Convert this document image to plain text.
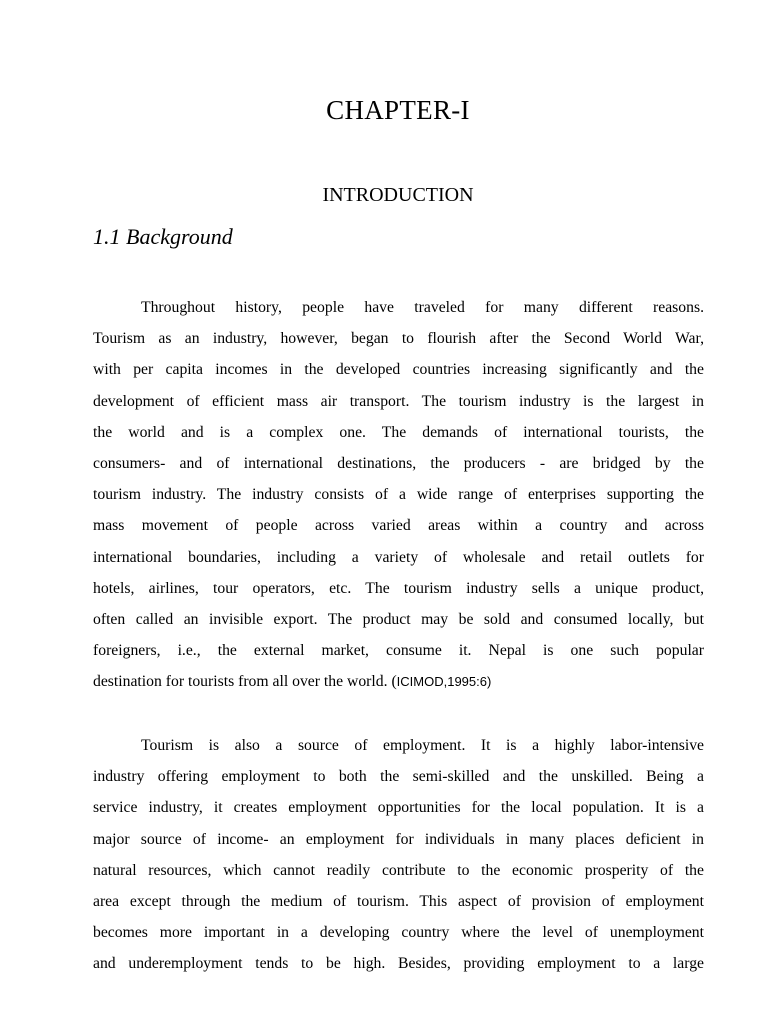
CHAPTER-I
INTRODUCTION
1.1 Background
Throughout history, people have traveled for many different reasons.
Tourism as an industry, however, began to flourish after the Second World War,
with per capita incomes in the developed countries increasing significantly and the
development of efficient mass air transport. The tourism industry is the largest in
the world and is a complex one. The demands of international tourists, the
consumers- and of international destinations, the producers - are bridged by the
tourism industry. The industry consists of a wide range of enterprises supporting the
mass movement of people across varied areas within a country and across
international boundaries, including a variety of wholesale and retail outlets for
hotels, airlines, tour operators, etc. The tourism industry sells a unique product,
often called an invisible export. The product may be sold and consumed locally, but
foreigners, i.e., the external market, consume it. Nepal is one such popular
destination for tourists from all over the world. (ICIMOD,1995:6)
Tourism is also a source of employment. It is a highly labor-intensive
industry offering employment to both the semi-skilled and the unskilled. Being a
service industry, it creates employment opportunities for the local population. It is a
major source of income- an employment for individuals in many places deficient in
natural resources, which cannot readily contribute to the economic prosperity of the
area except through the medium of tourism. This aspect of provision of employment
becomes more important in a developing country where the level of unemployment
and underemployment tends to be high. Besides, providing employment to a large
